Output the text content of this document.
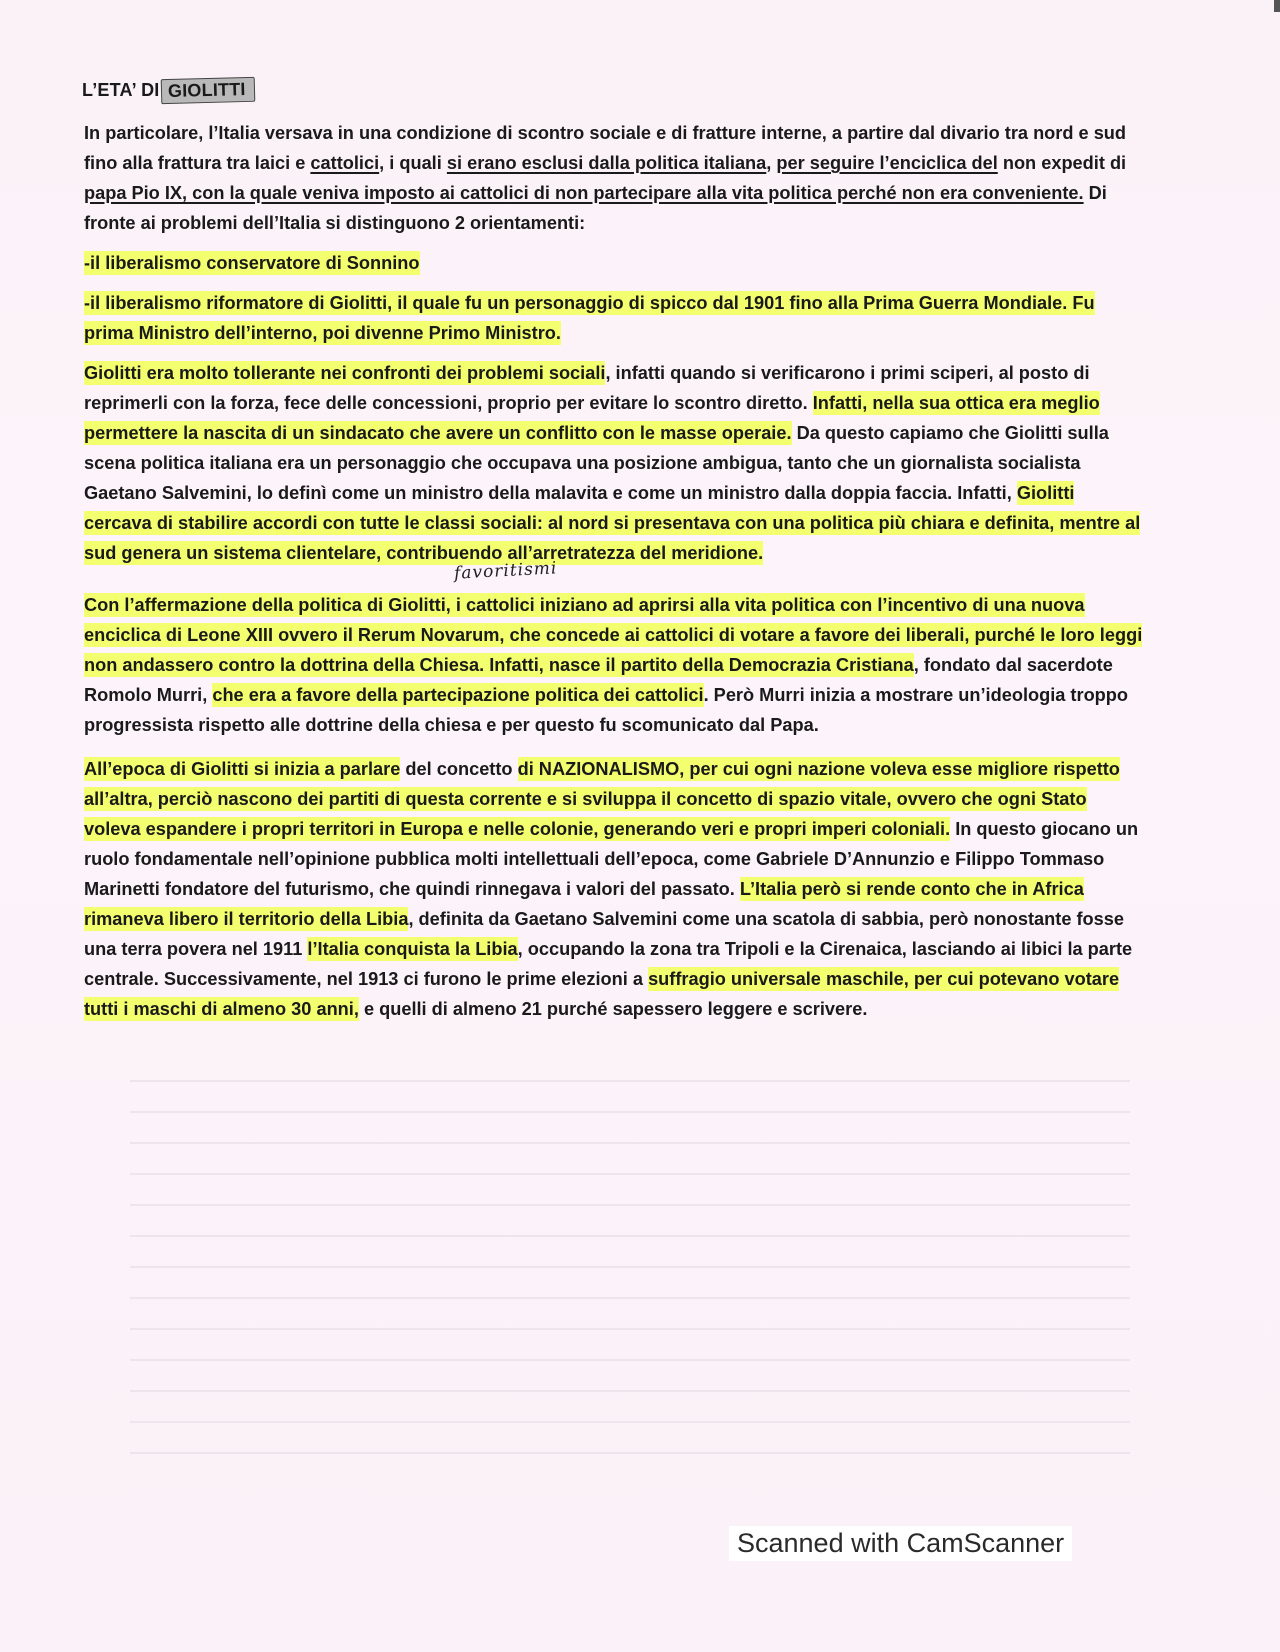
L’ETA’ DI GIOLITTI

In particolare, l’Italia versava in una condizione di scontro sociale e di fratture interne, a partire dal divario tra nord e sud fino alla frattura tra laici e cattolici, i quali si erano esclusi dalla politica italiana, per seguire l’enciclica del non expedit di papa Pio IX, con la quale veniva imposto ai cattolici di non partecipare alla vita politica perché non era conveniente. Di fronte ai problemi dell’Italia si distinguono 2 orientamenti:

-il liberalismo conservatore di Sonnino

-il liberalismo riformatore di Giolitti, il quale fu un personaggio di spicco dal 1901 fino alla Prima Guerra Mondiale. Fu prima Ministro dell’interno, poi divenne Primo Ministro.

Giolitti era molto tollerante nei confronti dei problemi sociali, infatti quando si verificarono i primi sciperi, al posto di reprimerli con la forza, fece delle concessioni, proprio per evitare lo scontro diretto. Infatti, nella sua ottica era meglio permettere la nascita di un sindacato che avere un conflitto con le masse operaie. Da questo capiamo che Giolitti sulla scena politica italiana era un personaggio che occupava una posizione ambigua, tanto che un giornalista socialista Gaetano Salvemini, lo definì come un ministro della malavita e come un ministro dalla doppia faccia. Infatti, Giolitti cercava di stabilire accordi con tutte le classi sociali: al nord si presentava con una politica più chiara e definita, mentre al sud genera un sistema clientelare, contribuendo all’arretratezza del meridione.

Con l’affermazione della politica di Giolitti, i cattolici iniziano ad aprirsi alla vita politica con l’incentivo di una nuova enciclica di Leone XIII ovvero il Rerum Novarum, che concede ai cattolici di votare a favore dei liberali, purché le loro leggi non andassero contro la dottrina della Chiesa. Infatti, nasce il partito della Democrazia Cristiana, fondato dal sacerdote Romolo Murri, che era a favore della partecipazione politica dei cattolici. Però Murri inizia a mostrare un’ideologia troppo progressista rispetto alle dottrine della chiesa e per questo fu scomunicato dal Papa.

All’epoca di Giolitti si inizia a parlare del concetto di NAZIONALISMO, per cui ogni nazione voleva esse migliore rispetto all’altra, perciò nascono dei partiti di questa corrente e si sviluppa il concetto di spazio vitale, ovvero che ogni Stato voleva espandere i propri territori in Europa e nelle colonie, generando veri e propri imperi coloniali. In questo giocano un ruolo fondamentale nell’opinione pubblica molti intellettuali dell’epoca, come Gabriele D’Annunzio e Filippo Tommaso Marinetti fondatore del futurismo, che quindi rinnegava i valori del passato. L’Italia però si rende conto che in Africa rimaneva libero il territorio della Libia, definita da Gaetano Salvemini come una scatola di sabbia, però nonostante fosse una terra povera nel 1911 l’Italia conquista la Libia, occupando la zona tra Tripoli e la Cirenaica, lasciando ai libici la parte centrale. Successivamente, nel 1913 ci furono le prime elezioni a suffragio universale maschile, per cui potevano votare tutti i maschi di almeno 30 anni, e quelli di almeno 21 purché sapessero leggere e scrivere.

favoritismi
Scanned with CamScanner
